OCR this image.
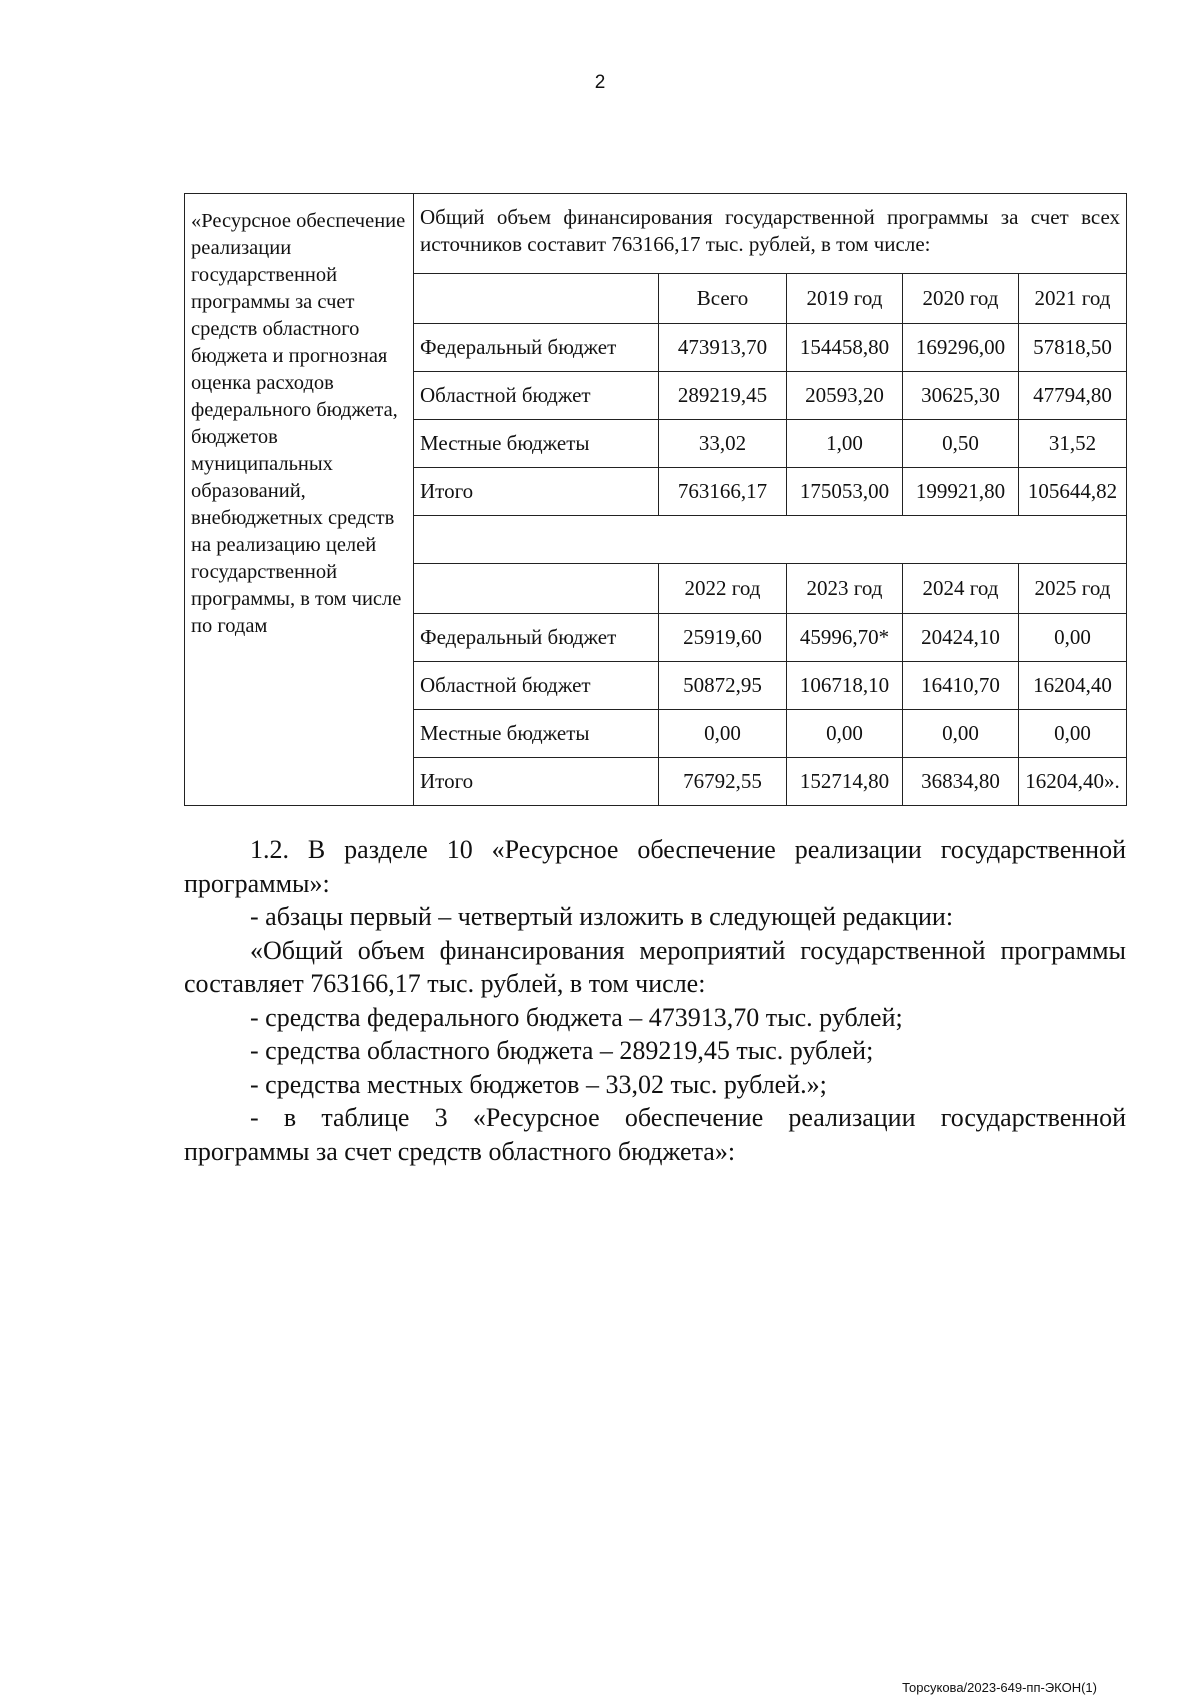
2
«Ресурсное обеспечение реализации государственной программы за счет средств областного бюджета и прогнозная оценка расходов федерального бюджета, бюджетов муниципальных образований, внебюджетных средств на реализацию целей государственной программы, в том числе по годам	Общий объем финансирования государственной программы за счет всех источников составит 763166,17 тыс. рублей, в том числе:				
		Всего	2019 год	2020 год	2021 год
	Федеральный бюджет	473913,70	154458,80	169296,00	57818,50
	Областной бюджет	289219,45	20593,20	30625,30	47794,80
	Местные бюджеты	33,02	1,00	0,50	31,52
	Итого	763166,17	175053,00	199921,80	105644,82

		2022 год	2023 год	2024 год	2025 год
	Федеральный бюджет	25919,60	45996,70*	20424,10	0,00
	Областной бюджет	50872,95	106718,10	16410,70	16204,40
	Местные бюджеты	0,00	0,00	0,00	0,00
	Итого	76792,55	152714,80	36834,80	16204,40».

1.2. В разделе 10 «Ресурсное обеспечение реализации государственной программы»:

- абзацы первый – четвертый изложить в следующей редакции:

«Общий объем финансирования мероприятий государственной программы составляет 763166,17 тыс. рублей, в том числе:

- средства федерального бюджета – 473913,70 тыс. рублей;

- средства областного бюджета – 289219,45 тыс. рублей;

- средства местных бюджетов – 33,02 тыс. рублей.»;

- в таблице 3 «Ресурсное обеспечение реализации государственной программы за счет средств областного бюджета»:

Торсукова/2023-649-пп-ЭКОН(1)
